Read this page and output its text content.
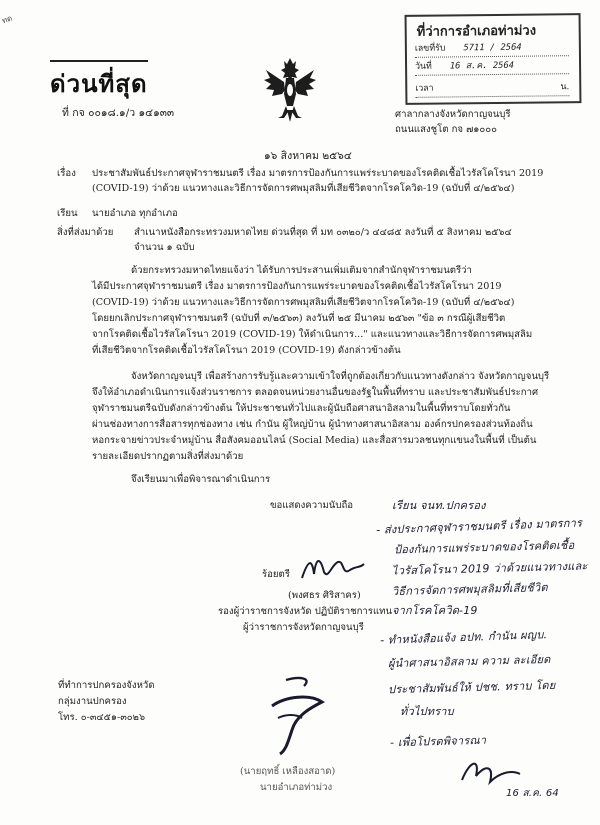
ทด
ด่วนที่สุด
ที่ กจ ๐๐๑๘.๑/ว ๑๔๑๓๓
ที่ว่าการอำเภอท่าม่วง
เลขที่รับ 5711 / 2564
วันที่ 16 ส.ค. 2564
เวลา	น.
ศาลากลางจังหวัดกาญจนบุรี
ถนนแสงชูโต กจ ๗๑๐๐๐
๑๖ สิงหาคม ๒๕๖๔
เรื่อง ประชาสัมพันธ์ประกาศจุฬาราชมนตรี เรื่อง มาตรการป้องกันการแพร่ระบาดของโรคติดเชื้อไวรัสโคโรนา 2019
(COVID-19) ว่าด้วย แนวทางและวิธีการจัดการศพมุสลิมที่เสียชีวิตจากโรคโควิด-19 (ฉบับที่ ๔/๒๕๖๔)
เรียน นายอำเภอ ทุกอำเภอ
สิ่งที่ส่งมาด้วย สำเนาหนังสือกระทรวงมหาดไทย ด่วนที่สุด ที่ มท ๐๓๒๐/ว ๔๔๘๕ ลงวันที่ ๕ สิงหาคม ๒๕๖๔
จำนวน ๑ ฉบับ
ด้วยกระทรวงมหาดไทยแจ้งว่า ได้รับการประสานเพิ่มเติมจากสำนักจุฬาราชมนตรีว่า
ได้มีประกาศจุฬาราชมนตรี เรื่อง มาตรการป้องกันการแพร่ระบาดของโรคติดเชื้อไวรัสโคโรนา 2019
(COVID-19) ว่าด้วย แนวทางและวิธีการจัดการศพมุสลิมที่เสียชีวิตจากโรคโควิด-19 (ฉบับที่ ๔/๒๕๖๔)
โดยยกเลิกประกาศจุฬาราชมนตรี (ฉบับที่ ๓/๒๕๖๓) ลงวันที่ ๒๕ มีนาคม ๒๕๖๓ "ข้อ ๓ กรณีผู้เสียชีวิต
จากโรคติดเชื้อไวรัสโคโรนา 2019 (COVID-19) ให้ดำเนินการ..." และแนวทางและวิธีการจัดการศพมุสลิม
ที่เสียชีวิตจากโรคติดเชื้อไวรัสโคโรนา 2019 (COVID-19) ดังกล่าวข้างต้น
จังหวัดกาญจนบุรี เพื่อสร้างการรับรู้และความเข้าใจที่ถูกต้องเกี่ยวกับแนวทางดังกล่าว จังหวัดกาญจนบุรี
จึงให้อำเภอดำเนินการแจ้งส่วนราชการ ตลอดจนหน่วยงานอื่นของรัฐในพื้นที่ทราบ และประชาสัมพันธ์ประกาศ
จุฬาราชมนตรีฉบับดังกล่าวข้างต้น ให้ประชาชนทั่วไปและผู้นับถือศาสนาอิสลามในพื้นที่ทราบโดยทั่วกัน
ผ่านช่องทางการสื่อสารทุกช่องทาง เช่น กำนัน ผู้ใหญ่บ้าน ผู้นำทางศาสนาอิสลาม องค์กรปกครองส่วนท้องถิ่น
หอกระจายข่าวประจำหมู่บ้าน สื่อสังคมออนไลน์ (Social Media) และสื่อสารมวลชนทุกแขนงในพื้นที่ เป็นต้น
รายละเอียดปรากฏตามสิ่งที่ส่งมาด้วย
จึงเรียนมาเพื่อพิจารณาดำเนินการ
ขอแสดงความนับถือ
ร้อยตรี
(พงศธร ศิริสาคร)
รองผู้ว่าราชการจังหวัด ปฏิบัติราชการแทน
ผู้ว่าราชการจังหวัดกาญจนบุรี
ที่ทำการปกครองจังหวัด
กลุ่มงานปกครอง
โทร. ๐-๓๔๕๑-๓๐๒๖
(นายฤทธิ์ เหลืองสอาด)
นายอำเภอท่าม่วง
เรียน จนท.ปกครอง
- ส่งประกาศจุฬาราชมนตรี เรื่อง มาตรการ
ป้องกันการแพร่ระบาดของโรคติดเชื้อ
ไวรัสโคโรนา 2019 ว่าด้วยแนวทางและ
วิธีการจัดการศพมุสลิมที่เสียชีวิต
จากโรคโควิด-19
- ทำหนังสือแจ้ง อปท. กำนัน ผญบ.
ผู้นำศาสนาอิสลาม ความ ละเอียด
ประชาสัมพันธ์ให้ ปชช. ทราบ โดย
ทั่วไปทราบ
- เพื่อโปรดพิจารณา
16 ส.ค. 64
